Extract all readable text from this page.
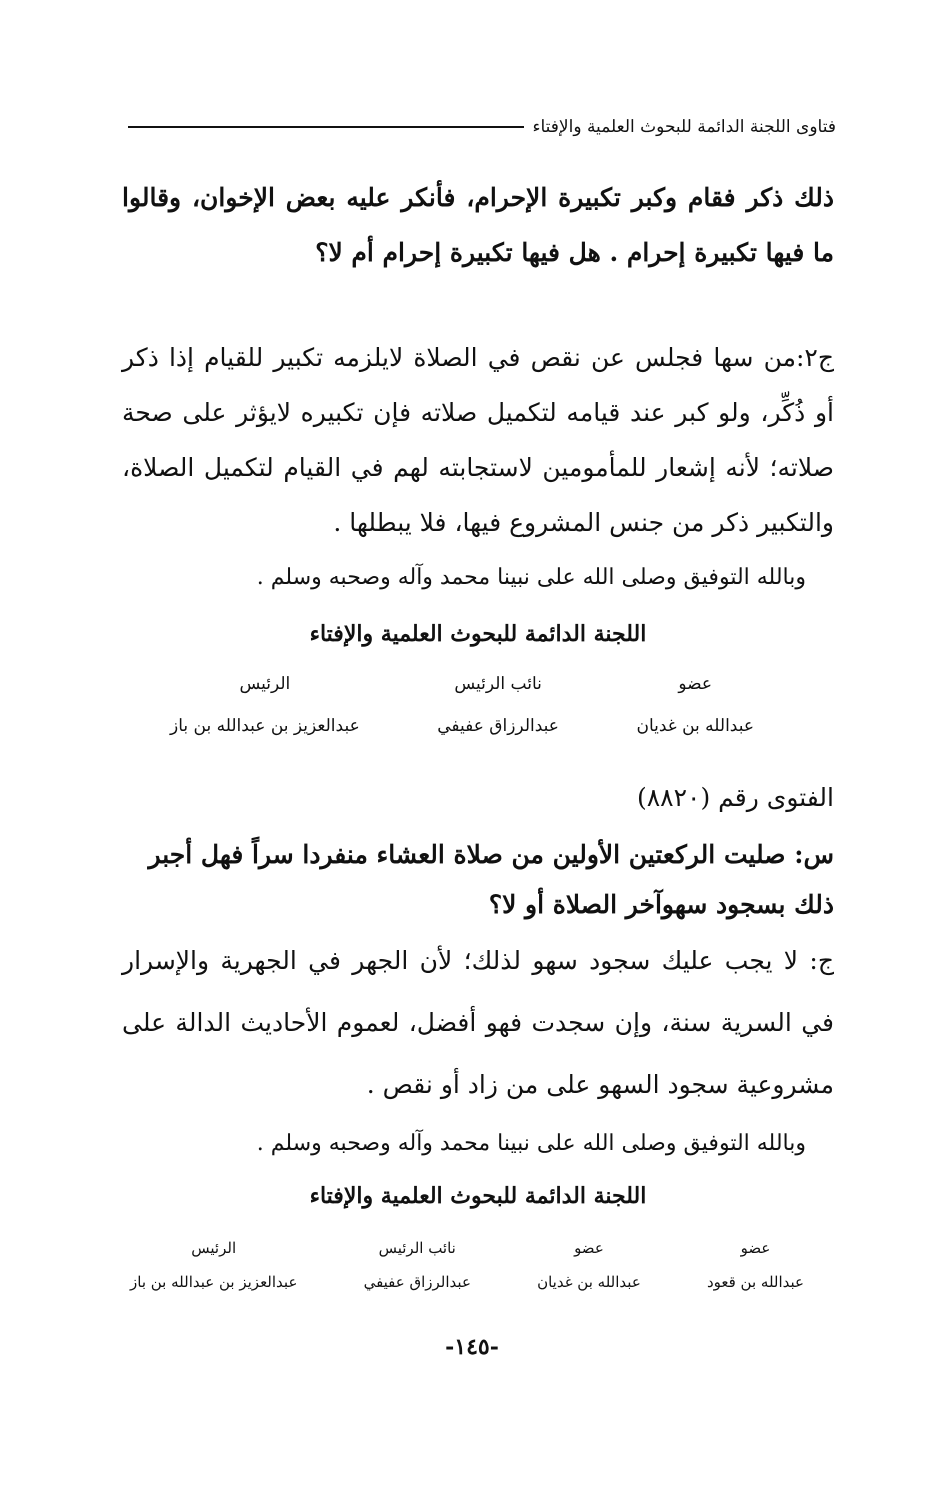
فتاوى اللجنة الدائمة للبحوث العلمية والإفتاء

ذلك ذكر فقام وكبر تكبيرة الإحرام، فأنكر عليه بعض الإخوان، وقالوا ما فيها تكبيرة إحرام . هل فيها تكبيرة إحرام أم لا؟

ج٢:من سها فجلس عن نقص في الصلاة لايلزمه تكبير للقيام إذا ذكر أو ذُكِّر، ولو كبر عند قيامه لتكميل صلاته فإن تكبيره لايؤثر على صحة صلاته؛ لأنه إشعار للمأمومين لاستجابته لهم في القيام لتكميل الصلاة، والتكبير ذكر من جنس المشروع فيها، فلا يبطلها .

وبالله التوفيق وصلى الله على نبينا محمد وآله وصحبه وسلم .

اللجنة الدائمة للبحوث العلمية والإفتاء

عضو
عبدالله بن غديان
نائب الرئيس
عبدالرزاق عفيفي
الرئيس
عبدالعزيز بن عبدالله بن باز

الفتوى رقم (٨٨٢٠)

س: صليت الركعتين الأولين من صلاة العشاء منفردا سراً فهل أجبر ذلك بسجود سهوآخر الصلاة أو لا؟

ج: لا يجب عليك سجود سهو لذلك؛ لأن الجهر في الجهرية والإسرار في السرية سنة، وإن سجدت فهو أفضل، لعموم الأحاديث الدالة على مشروعية سجود السهو على من زاد أو نقص .

وبالله التوفيق وصلى الله على نبينا محمد وآله وصحبه وسلم .

اللجنة الدائمة للبحوث العلمية والإفتاء

عضو
عبدالله بن قعود
عضو
عبدالله بن غديان
نائب الرئيس
عبدالرزاق عفيفي
الرئيس
عبدالعزيز بن عبدالله بن باز
-١٤٥-
